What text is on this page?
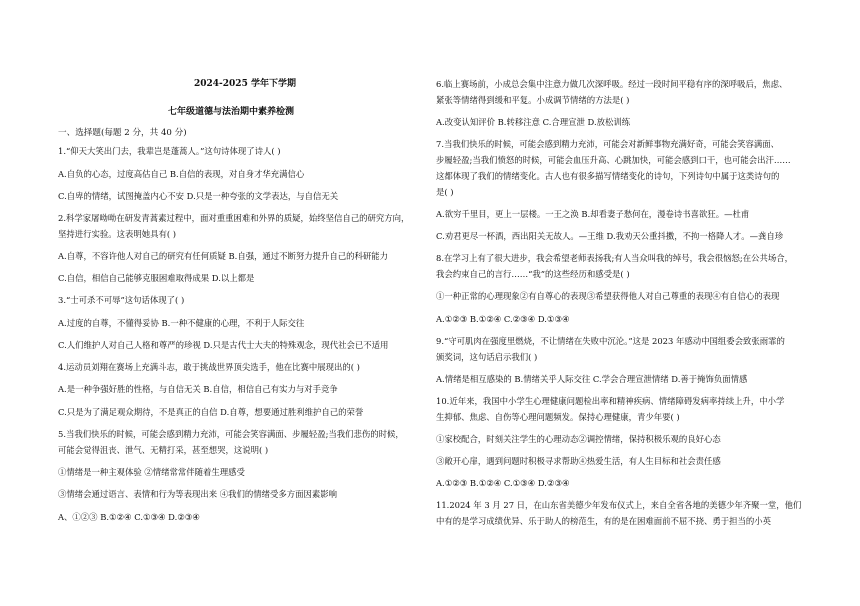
2024-2025 学年下学期
七年级道德与法治期中素养检测
一、选择题(每题 2 分，共 40 分)
1.“仰天大笑出门去，我辈岂是蓬蒿人。”这句诗体现了诗人( )
A.自负的心态，过度高估自己 B.自信的表现，对自身才华充满信心
C.自卑的情绪，试图掩盖内心不安 D.只是一种夸张的文学表达，与自信无关
2.科学家屠呦呦在研发青蒿素过程中，面对重重困难和外界的质疑，始终坚信自己的研究方向，
坚持进行实验。这表明她具有( )
A.自尊，不容许他人对自己的研究有任何质疑 B.自强，通过不断努力提升自己的科研能力
C.自信，相信自己能够克服困难取得成果 D.以上都是
3.“士可杀不可辱”这句话体现了( )
A.过度的自尊，不懂得妥协 B.一种不健康的心理，不利于人际交往
C.人们维护人对自己人格和尊严的珍视 D.只是古代士大夫的特殊观念，现代社会已不适用
4.运动员刘翔在赛场上充满斗志，敢于挑战世界顶尖选手，他在比赛中展现出的( )
A.是一种争强好胜的性格，与自信无关 B.自信，相信自己有实力与对手竞争
C.只是为了满足观众期待，不是真正的自信 D.自尊，想要通过胜利维护自己的荣誉
5.当我们快乐的时候，可能会感到精力充沛，可能会笑容满面、步履轻盈;当我们悲伤的时候，
可能会觉得沮丧、泄气、无精打采，甚至想哭，这说明( )
①情绪是一种主观体验 ②情绪常常伴随着生理感受
③情绪会通过语言、表情和行为等表现出来 ④我们的情绪受多方面因素影响
A、①②③ B.①②④ C.①③④ D.②③④
6.临上赛场前，小成总会集中注意力做几次深呼吸。经过一段时间平稳有序的深呼吸后，焦虑、
紧张等情绪得到缓和平复。小成调节情绪的方法是( )
A.改变认知评价 B.转移注意 C.合理宣泄 D.放松训练
7.当我们快乐的时候，可能会感到精力充沛，可能会对新鲜事物充满好奇，可能会笑容满面、
步履轻盈;当我们愤怒的时候，可能会血压升高、心跳加快，可能会感到口干，也可能会出汗……
这都体现了我们的情绪变化。古人也有很多描写情绪变化的诗句，下列诗句中属于这类诗句的
是( )
A.欲穷千里目，更上一层楼。一王之涣 B.却看妻子愁何在，漫卷诗书喜欲狂。—杜甫
C.劝君更尽一杯酒，西出阳关无故人。—王维 D.我劝天公重抖擞，不拘一格降人才。—龚自珍
8.在学习上有了很大进步，我会希望老师表扬我;有人当众叫我的绰号，我会很恼怒;在公共场合，
我会约束自己的言行……“我”的这些经历和感受是( )
①一种正常的心理现象②有自尊心的表现③希望获得他人对自己尊重的表现④有自信心的表现
A.①②③ B.①②④ C.②③④ D.①③④
9.“守可肌肉在强度里燃烧，不让情绪在失败中沉沦。”这是 2023 年感动中国组委会致张雨霏的
颁奖词，这句话启示我们( )
A.情绪是相互感染的 B.情绪关乎人际交往 C.学会合理宣泄情绪 D.善于掩饰负面情感
10.近年来，我国中小学生心理健康问题检出率和精神疾病、情绪障碍发病率持续上升，中小学
生抑郁、焦虑、自伤等心理问题频发。保持心理健康，青少年要( )
①家校配合，时刻关注学生的心理动态②调控情绪，保持积极乐观的良好心态
③敞开心扉，遇到问题时积极寻求帮助④热爱生活，有人生目标和社会责任感
A.①②③ B.①②④ C.①③④ D.②③④
11.2024 年 3 月 27 日，在山东省美德少年发布仪式上，来自全省各地的美德少年齐聚一堂，他们
中有的是学习成绩优异、乐于助人的榜范生，有的是在困难面前不屈不挠、勇于担当的小英
